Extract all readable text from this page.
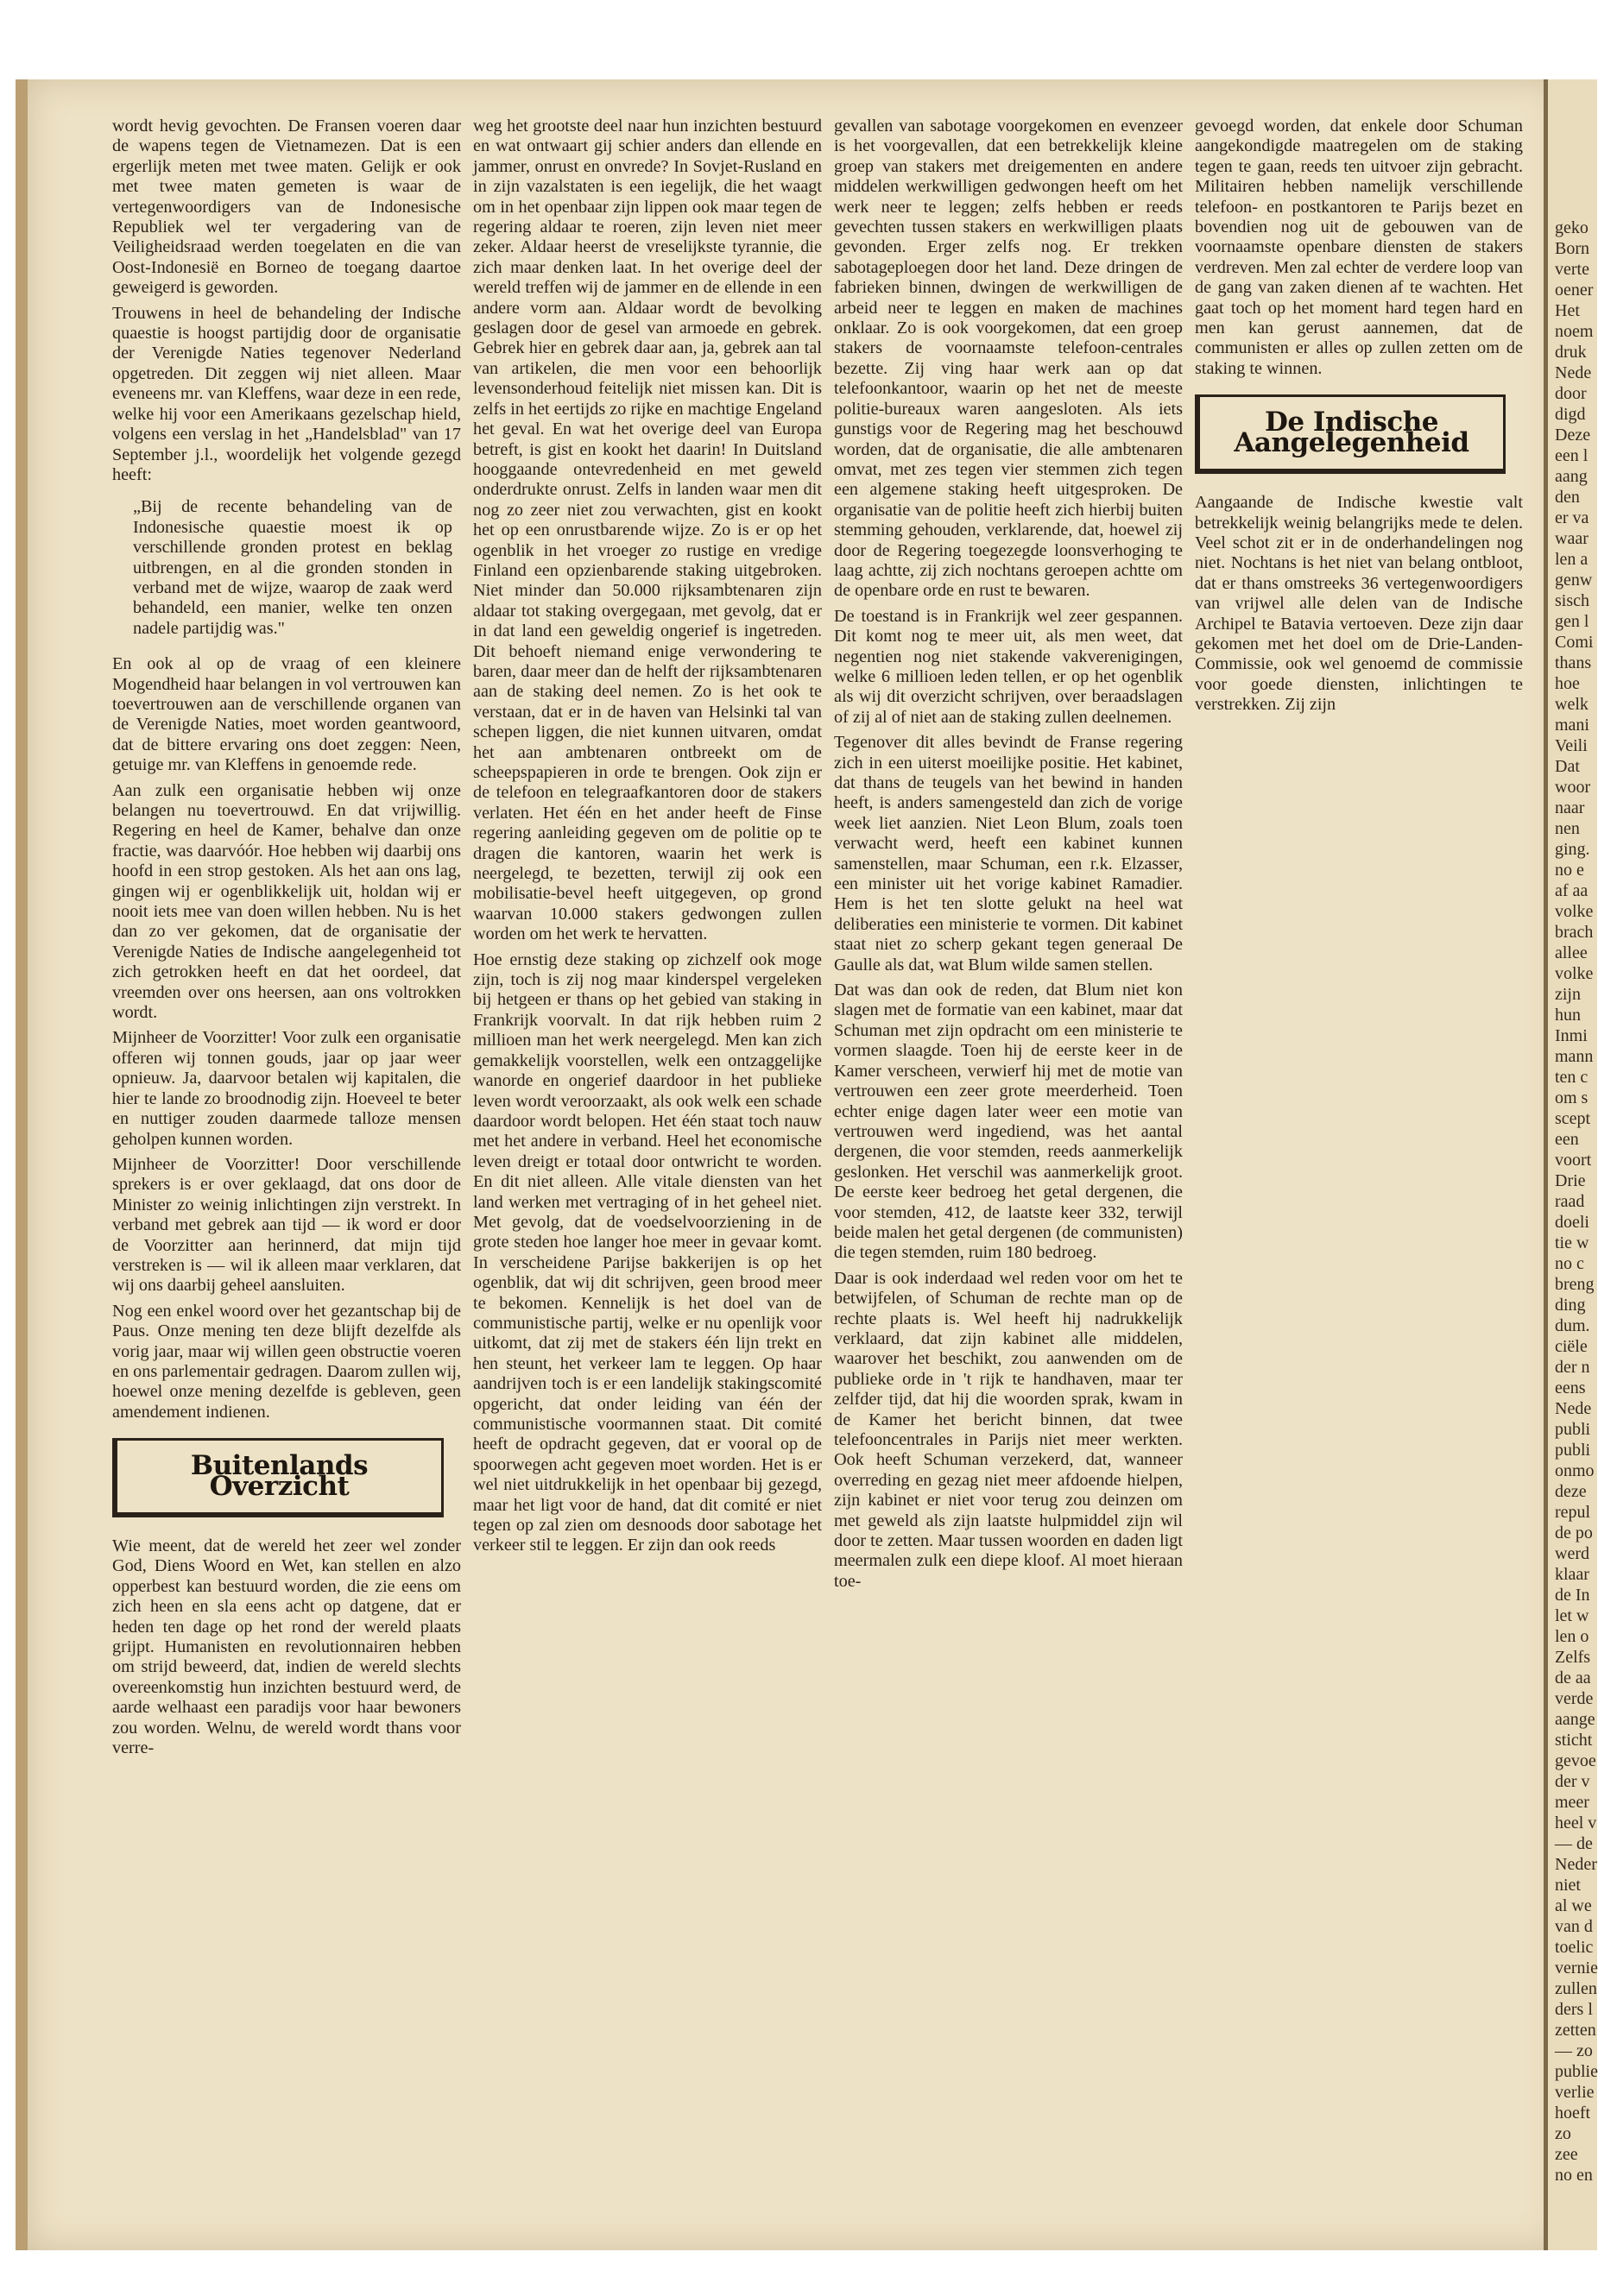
wordt hevig gevochten. De Fransen voeren daar de wapens tegen de Vietnamezen. Dat is een ergerlijk meten met twee maten. Gelijk er ook met twee maten gemeten is waar de vertegenwoordigers van de Indonesische Republiek wel ter vergadering van de Veiligheidsraad werden toegelaten en die van Oost-Indonesië en Borneo de toegang daartoe geweigerd is geworden.

Trouwens in heel de behandeling der Indische quaestie is hoogst partijdig door de organisatie der Verenigde Naties tegenover Nederland opgetreden. Dit zeggen wij niet alleen. Maar eveneens mr. van Kleffens, waar deze in een rede, welke hij voor een Amerikaans gezelschap hield, volgens een verslag in het „Handelsblad" van 17 September j.l., woordelijk het volgende gezegd heeft:

„Bij de recente behandeling van de Indonesische quaestie moest ik op verschillende gronden protest en beklag uitbrengen, en al die gronden stonden in verband met de wijze, waarop de zaak werd behandeld, een manier, welke ten onzen nadele partijdig was."

En ook al op de vraag of een kleinere Mogendheid haar belangen in vol vertrouwen kan toevertrouwen aan de verschillende organen van de Verenigde Naties, moet worden geantwoord, dat de bittere ervaring ons doet zeggen: Neen, getuige mr. van Kleffens in genoemde rede.

Aan zulk een organisatie hebben wij onze belangen nu toevertrouwd. En dat vrijwillig. Regering en heel de Kamer, behalve dan onze fractie, was daarvóór. Hoe hebben wij daarbij ons hoofd in een strop gestoken. Als het aan ons lag, gingen wij er ogenblikkelijk uit, holdan wij er nooit iets mee van doen willen hebben. Nu is het dan zo ver gekomen, dat de organisatie der Verenigde Naties de Indische aangelegenheid tot zich getrokken heeft en dat het oordeel, dat vreemden over ons heersen, aan ons voltrokken wordt.

Mijnheer de Voorzitter! Voor zulk een organisatie offeren wij tonnen gouds, jaar op jaar weer opnieuw. Ja, daarvoor betalen wij kapitalen, die hier te lande zo broodnodig zijn. Hoeveel te beter en nuttiger zouden daarmede talloze mensen geholpen kunnen worden.

Mijnheer de Voorzitter! Door verschillende sprekers is er over geklaagd, dat ons door de Minister zo weinig inlichtingen zijn verstrekt. In verband met gebrek aan tijd — ik word er door de Voorzitter aan herinnerd, dat mijn tijd verstreken is — wil ik alleen maar verklaren, dat wij ons daarbij geheel aansluiten.

Nog een enkel woord over het gezantschap bij de Paus. Onze mening ten deze blijft dezelfde als vorig jaar, maar wij willen geen obstructie voeren en ons parlementair gedragen. Daarom zullen wij, hoewel onze mening dezelfde is gebleven, geen amendement indienen.

Buitenlands Overzicht

Wie meent, dat de wereld het zeer wel zonder God, Diens Woord en Wet, kan stellen en alzo opperbest kan bestuurd worden, die zie eens om zich heen en sla eens acht op datgene, dat er heden ten dage op het rond der wereld plaats grijpt. Humanisten en revolutionnairen hebben om strijd beweerd, dat, indien de wereld slechts overeenkomstig hun inzichten bestuurd werd, de aarde welhaast een paradijs voor haar bewoners zou worden. Welnu, de wereld wordt thans voor verre-

weg het grootste deel naar hun inzichten bestuurd en wat ontwaart gij schier anders dan ellende en jammer, onrust en onvrede? In Sovjet-Rusland en in zijn vazalstaten is een iegelijk, die het waagt om in het openbaar zijn lippen ook maar tegen de regering aldaar te roeren, zijn leven niet meer zeker. Aldaar heerst de vreselijkste tyrannie, die zich maar denken laat. In het overige deel der wereld treffen wij de jammer en de ellende in een andere vorm aan. Aldaar wordt de bevolking geslagen door de gesel van armoede en gebrek. Gebrek hier en gebrek daar aan, ja, gebrek aan tal van artikelen, die men voor een behoorlijk levensonderhoud feitelijk niet missen kan. Dit is zelfs in het eertijds zo rijke en machtige Engeland het geval. En wat het overige deel van Europa betreft, is gist en kookt het daarin! In Duitsland hooggaande ontevredenheid en met geweld onderdrukte onrust. Zelfs in landen waar men dit nog zo zeer niet zou verwachten, gist en kookt het op een onrustbarende wijze. Zo is er op het ogenblik in het vroeger zo rustige en vredige Finland een opzienbarende staking uitgebroken. Niet minder dan 50.000 rijksambtenaren zijn aldaar tot staking overgegaan, met gevolg, dat er in dat land een geweldig ongerief is ingetreden. Dit behoeft niemand enige verwondering te baren, daar meer dan de helft der rijksambtenaren aan de staking deel nemen. Zo is het ook te verstaan, dat er in de haven van Helsinki tal van schepen liggen, die niet kunnen uitvaren, omdat het aan ambtenaren ontbreekt om de scheepspapieren in orde te brengen. Ook zijn er de telefoon en telegraafkantoren door de stakers verlaten. Het één en het ander heeft de Finse regering aanleiding gegeven om de politie op te dragen die kantoren, waarin het werk is neergelegd, te bezetten, terwijl zij ook een mobilisatie-bevel heeft uitgegeven, op grond waarvan 10.000 stakers gedwongen zullen worden om het werk te hervatten.

Hoe ernstig deze staking op zichzelf ook moge zijn, toch is zij nog maar kinderspel vergeleken bij hetgeen er thans op het gebied van staking in Frankrijk voorvalt. In dat rijk hebben ruim 2 millioen man het werk neergelegd. Men kan zich gemakkelijk voorstellen, welk een ontzaggelijke wanorde en ongerief daardoor in het publieke leven wordt veroorzaakt, als ook welk een schade daardoor wordt belopen. Het één staat toch nauw met het andere in verband. Heel het economische leven dreigt er totaal door ontwricht te worden. En dit niet alleen. Alle vitale diensten van het land werken met vertraging of in het geheel niet. Met gevolg, dat de voedselvoorziening in de grote steden hoe langer hoe meer in gevaar komt. In verscheidene Parijse bakkerijen is op het ogenblik, dat wij dit schrijven, geen brood meer te bekomen. Kennelijk is het doel van de communistische partij, welke er nu openlijk voor uitkomt, dat zij met de stakers één lijn trekt en hen steunt, het verkeer lam te leggen. Op haar aandrijven toch is er een landelijk stakingscomité opgericht, dat onder leiding van één der communistische voormannen staat. Dit comité heeft de opdracht gegeven, dat er vooral op de spoorwegen acht gegeven moet worden. Het is er wel niet uitdrukkelijk in het openbaar bij gezegd, maar het ligt voor de hand, dat dit comité er niet tegen op zal zien om desnoods door sabotage het verkeer stil te leggen. Er zijn dan ook reeds

gevallen van sabotage voorgekomen en evenzeer is het voorgevallen, dat een betrekkelijk kleine groep van stakers met dreigementen en andere middelen werkwilligen gedwongen heeft om het werk neer te leggen; zelfs hebben er reeds gevechten tussen stakers en werkwilligen plaats gevonden. Erger zelfs nog. Er trekken sabotageploegen door het land. Deze dringen de fabrieken binnen, dwingen de werkwilligen de arbeid neer te leggen en maken de machines onklaar. Zo is ook voorgekomen, dat een groep stakers de voornaamste telefoon-centrales bezette. Zij ving haar werk aan op dat telefoonkantoor, waarin op het net de meeste politie-bureaux waren aangesloten. Als iets gunstigs voor de Regering mag het beschouwd worden, dat de organisatie, die alle ambtenaren omvat, met zes tegen vier stemmen zich tegen een algemene staking heeft uitgesproken. De organisatie van de politie heeft zich hierbij buiten stemming gehouden, verklarende, dat, hoewel zij door de Regering toegezegde loonsverhoging te laag achtte, zij zich nochtans geroepen achtte om de openbare orde en rust te bewaren.

De toestand is in Frankrijk wel zeer gespannen. Dit komt nog te meer uit, als men weet, dat negentien nog niet stakende vakverenigingen, welke 6 millioen leden tellen, er op het ogenblik als wij dit overzicht schrijven, over beraadslagen of zij al of niet aan de staking zullen deelnemen.

Tegenover dit alles bevindt de Franse regering zich in een uiterst moeilijke positie. Het kabinet, dat thans de teugels van het bewind in handen heeft, is anders samengesteld dan zich de vorige week liet aanzien. Niet Leon Blum, zoals toen verwacht werd, heeft een kabinet kunnen samenstellen, maar Schuman, een r.k. Elzasser, een minister uit het vorige kabinet Ramadier. Hem is het ten slotte gelukt na heel wat deliberaties een ministerie te vormen. Dit kabinet staat niet zo scherp gekant tegen generaal De Gaulle als dat, wat Blum wilde samen stellen.

Dat was dan ook de reden, dat Blum niet kon slagen met de formatie van een kabinet, maar dat Schuman met zijn opdracht om een ministerie te vormen slaagde. Toen hij de eerste keer in de Kamer verscheen, verwierf hij met de motie van vertrouwen een zeer grote meerderheid. Toen echter enige dagen later weer een motie van vertrouwen werd ingediend, was het aantal dergenen, die voor stemden, reeds aanmerkelijk geslonken. Het verschil was aanmerkelijk groot. De eerste keer bedroeg het getal dergenen, die voor stemden, 412, de laatste keer 332, terwijl beide malen het getal dergenen (de communisten) die tegen stemden, ruim 180 bedroeg.

Daar is ook inderdaad wel reden voor om het te betwijfelen, of Schuman de rechte man op de rechte plaats is. Wel heeft hij nadrukkelijk verklaard, dat zijn kabinet alle middelen, waarover het beschikt, zou aanwenden om de publieke orde in 't rijk te handhaven, maar ter zelfder tijd, dat hij die woorden sprak, kwam in de Kamer het bericht binnen, dat twee telefooncentrales in Parijs niet meer werkten. Ook heeft Schuman verzekerd, dat, wanneer overreding en gezag niet meer afdoende hielpen, zijn kabinet er niet voor terug zou deinzen om met geweld als zijn laatste hulpmiddel zijn wil door te zetten. Maar tussen woorden en daden ligt meermalen zulk een diepe kloof. Al moet hieraan toe-

gevoegd worden, dat enkele door Schuman aangekondigde maatregelen om de staking tegen te gaan, reeds ten uitvoer zijn gebracht. Militairen hebben namelijk verschillende telefoon- en postkantoren te Parijs bezet en bovendien nog uit de gebouwen van de voornaamste openbare diensten de stakers verdreven. Men zal echter de verdere loop van de gang van zaken dienen af te wachten. Het gaat toch op het moment hard tegen hard en men kan gerust aannemen, dat de communisten er alles op zullen zetten om de staking te winnen.

De Indische Aangelegenheid

Aangaande de Indische kwestie valt betrekkelijk weinig belangrijks mede te delen. Veel schot zit er in de onderhandelingen nog niet. Nochtans is het niet van belang ontbloot, dat er thans omstreeks 36 vertegenwoordigers van vrijwel alle delen van de Indische Archipel te Batavia vertoeven. Deze zijn daar gekomen met het doel om de Drie-Landen-Commissie, ook wel genoemd de commissie voor goede diensten, inlichtingen te verstrekken. Zij zijn

geko
Born
verte
oener
Het
noem
druk
Nede
door
digd
Deze
een l
aang
den
er va
waar
len a
genw
sisch
gen l
Comi
thans
hoe
welk
mani
Veili
Dat
woor
naar
nen
ging.
no e
af aa
volke
brach
allee
volke
zijn
hun
Inmi
mann
ten c
om s
scept
een
voort
Drie
raad
doeli
tie w
no c
breng
ding
dum.
ciële
der n
eens
Nede
publi
publi
onmo
deze
repul
de po
werd
klaar
de In
let w
len o
Zelfs
de aa
verde
aange
sticht
gevoe
der v
meer
heel v
— de
Neder
niet
al we
van d
toelic
vernie
zullen
ders l
zetten
— zo
publie
verlie
hoeft
zo zee
no en
